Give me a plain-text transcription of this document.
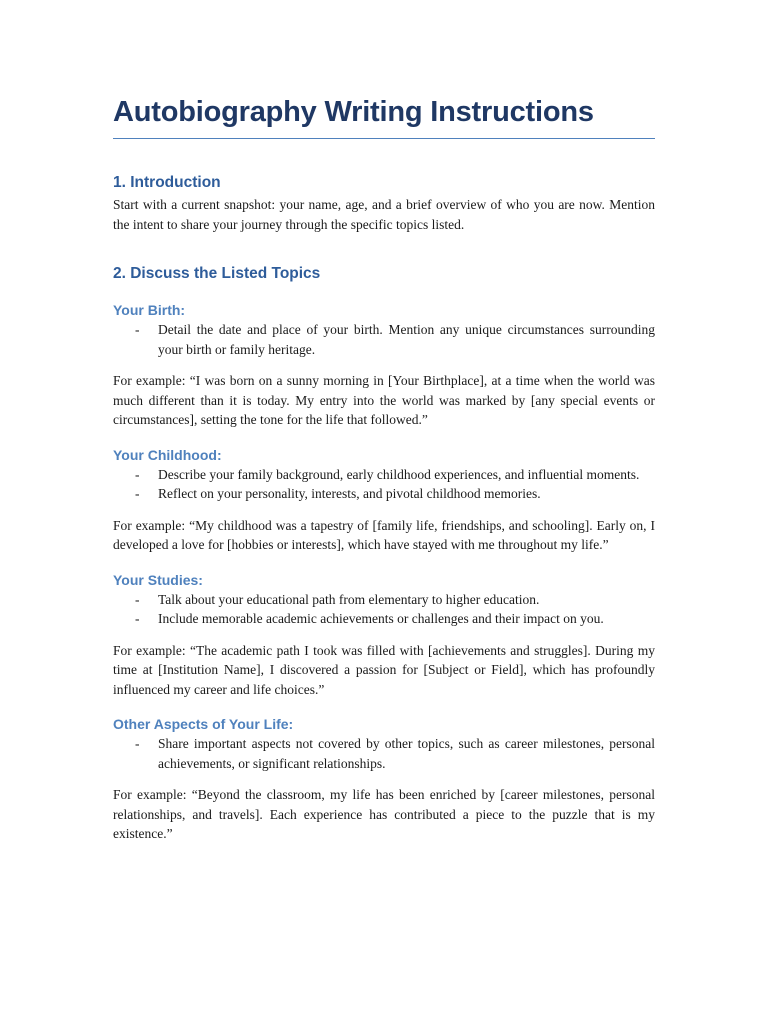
Autobiography Writing Instructions
1. Introduction

Start with a current snapshot: your name, age, and a brief overview of who you are now. Mention the intent to share your journey through the specific topics listed.

2. Discuss the Listed Topics
Your Birth:
- Detail the date and place of your birth. Mention any unique circumstances surrounding your birth or family heritage.

For example: “I was born on a sunny morning in [Your Birthplace], at a time when the world was much different than it is today. My entry into the world was marked by [any special events or circumstances], setting the tone for the life that followed.”

Your Childhood:
- Describe your family background, early childhood experiences, and influential moments.
- Reflect on your personality, interests, and pivotal childhood memories.

For example: “My childhood was a tapestry of [family life, friendships, and schooling]. Early on, I developed a love for [hobbies or interests], which have stayed with me throughout my life.”

Your Studies:
- Talk about your educational path from elementary to higher education.
- Include memorable academic achievements or challenges and their impact on you.

For example: “The academic path I took was filled with [achievements and struggles]. During my time at [Institution Name], I discovered a passion for [Subject or Field], which has profoundly influenced my career and life choices.”

Other Aspects of Your Life:
- Share important aspects not covered by other topics, such as career milestones, personal achievements, or significant relationships.

For example: “Beyond the classroom, my life has been enriched by [career milestones, personal relationships, and travels]. Each experience has contributed a piece to the puzzle that is my existence.”
